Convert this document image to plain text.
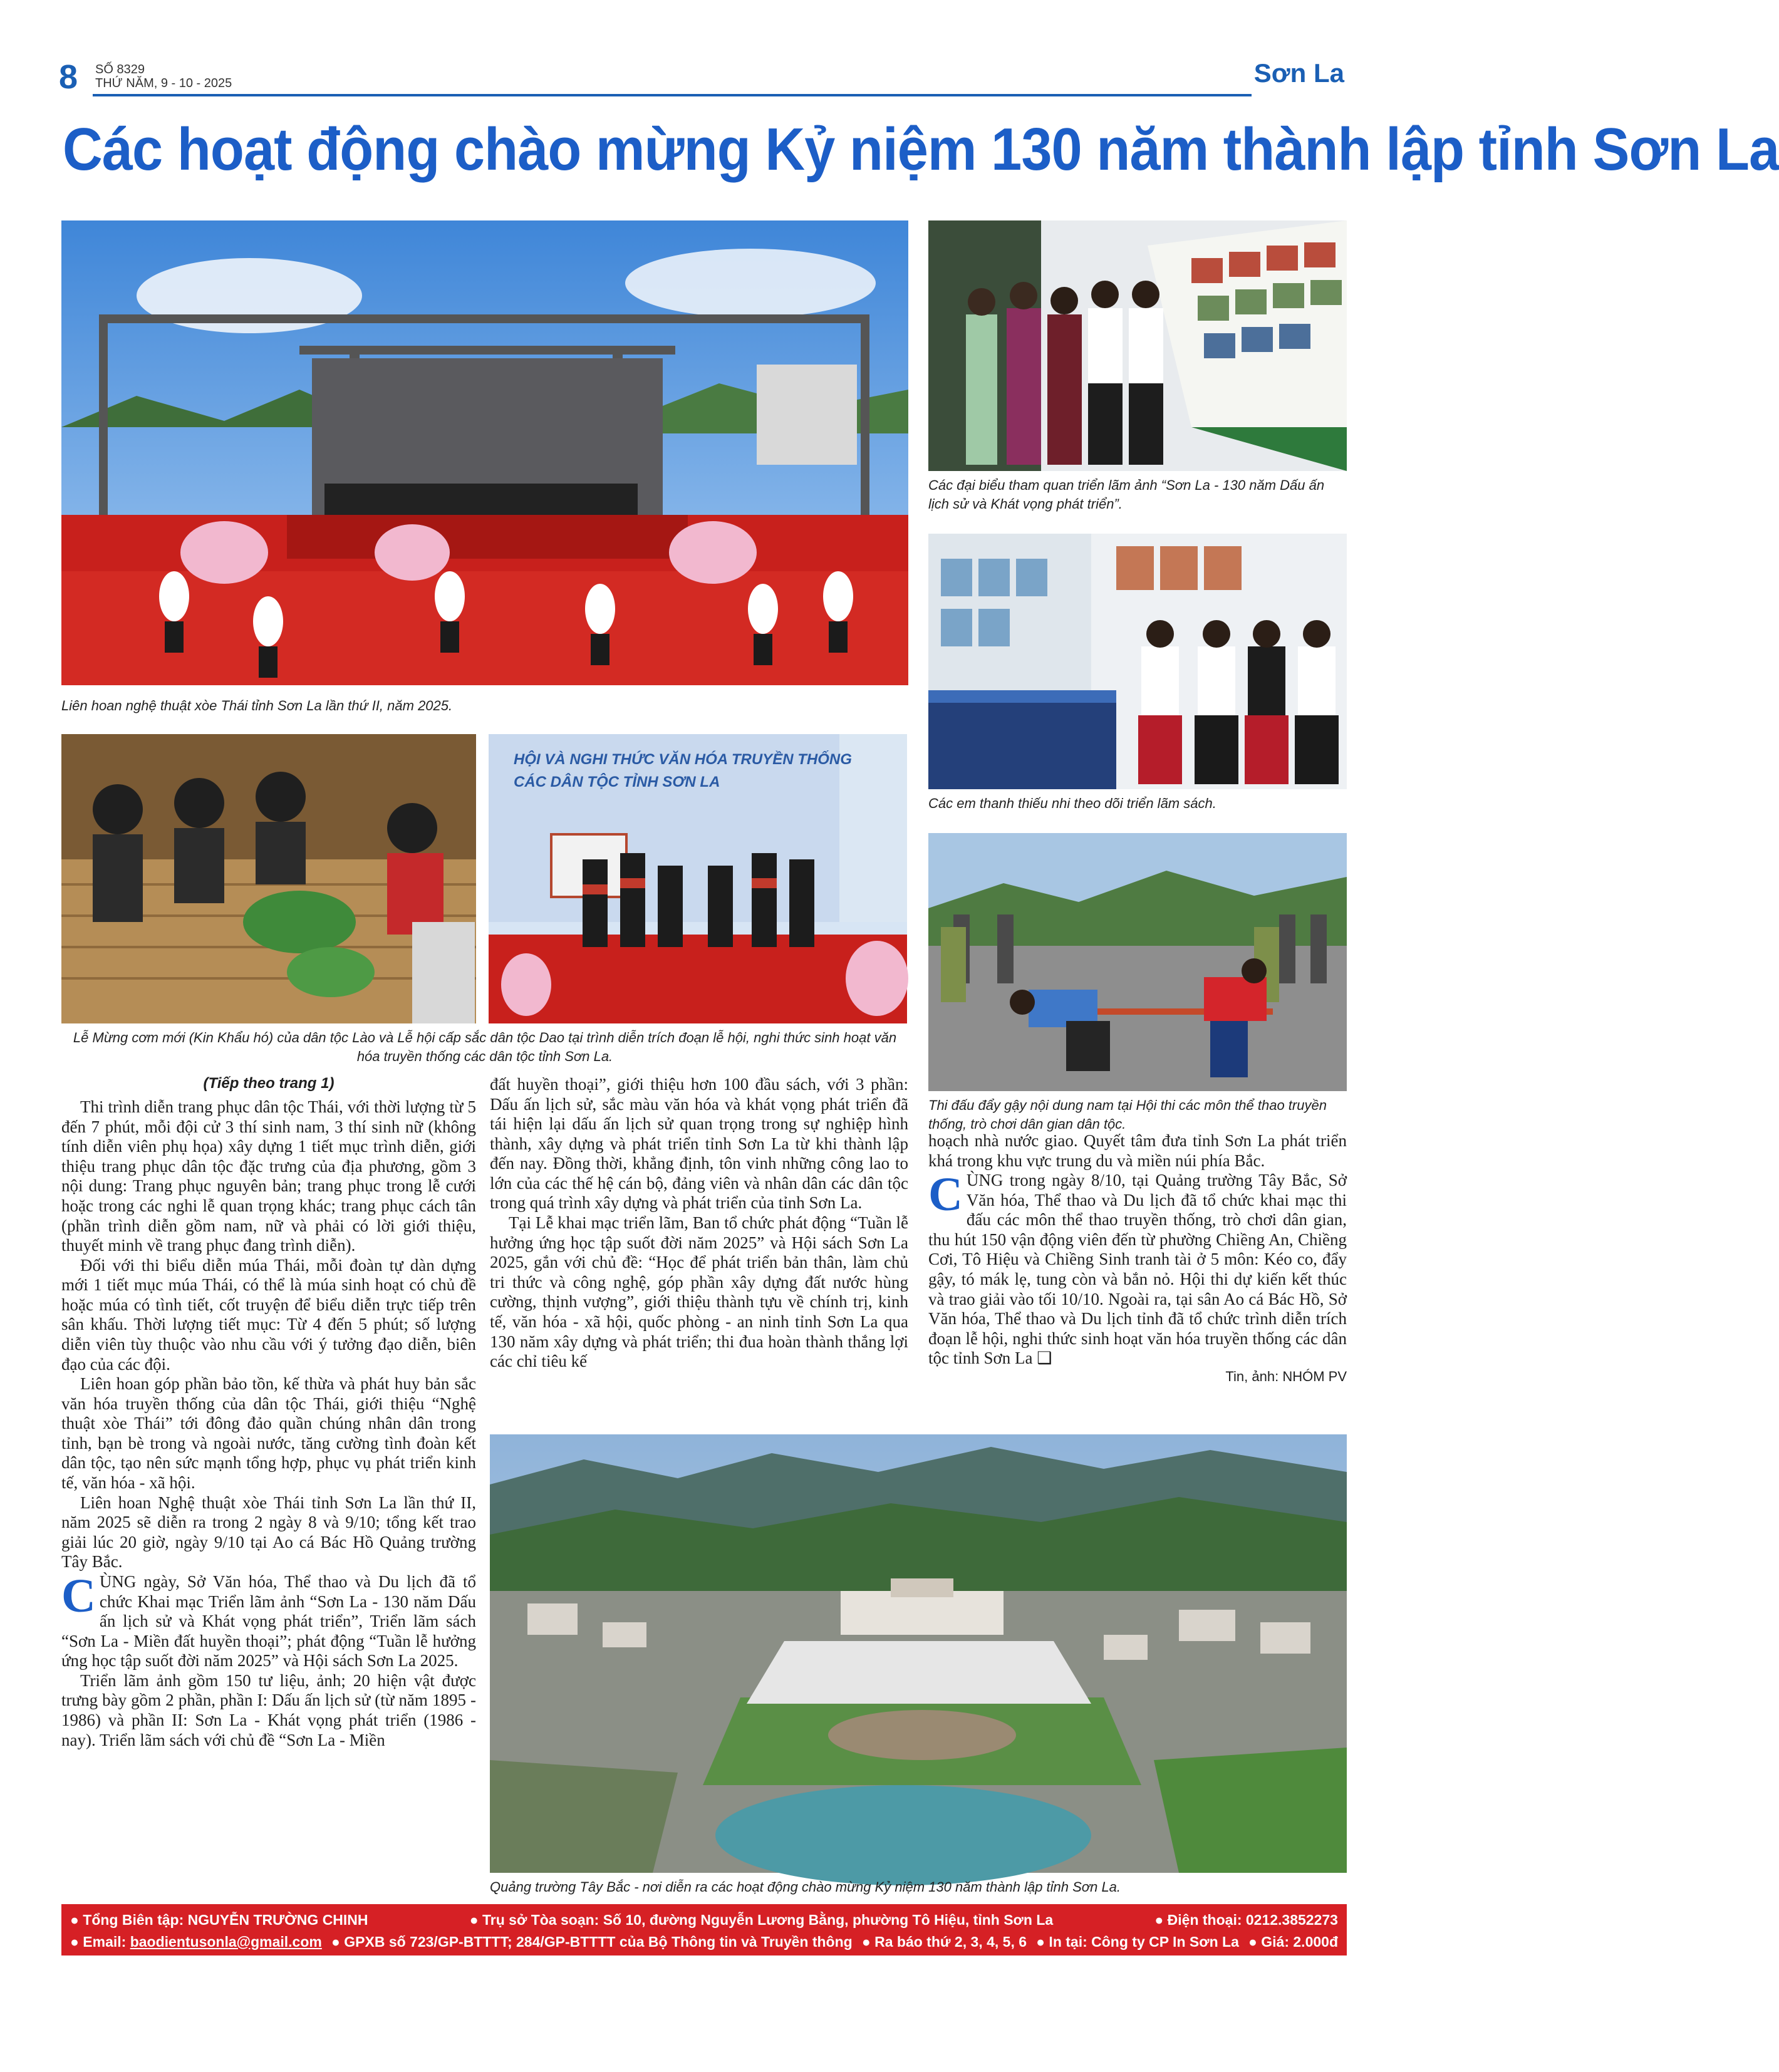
8 SỐ 8329
THỨ NĂM, 9 - 10 - 2025	Sơn La
Các hoạt động chào mừng Kỷ niệm 130 năm thành lập tỉnh Sơn La
Liên hoan nghệ thuật xòe Thái tỉnh Sơn La lần thứ II, năm 2025.
Các đại biểu tham quan triển lãm ảnh “Sơn La - 130 năm Dấu ấn lịch sử và Khát vọng phát triển”.
Các em thanh thiếu nhi theo dõi triển lãm sách.
HỘI VÀ NGHI THỨC VĂN HÓA TRUYỀN THỐNG
CÁC DÂN TỘC TỈNH SƠN LA
Lễ Mừng cơm mới (Kin Khẩu hó) của dân tộc Lào và Lễ hội cấp sắc dân tộc Dao tại trình diễn trích đoạn lễ hội, nghi thức sinh hoạt văn hóa truyền thống các dân tộc tỉnh Sơn La.
Thi đấu đẩy gậy nội dung nam tại Hội thi các môn thể thao truyền thống, trò chơi dân gian dân tộc.

(Tiếp theo trang 1)

Thi trình diễn trang phục dân tộc Thái, với thời lượng từ 5 đến 7 phút, mỗi đội cử 3 thí sinh nam, 3 thí sinh nữ (không tính diễn viên phụ họa) xây dựng 1 tiết mục trình diễn, giới thiệu trang phục dân tộc đặc trưng của địa phương, gồm 3 nội dung: Trang phục nguyên bản; trang phục trong lễ cưới hoặc trong các nghi lễ quan trọng khác; trang phục cách tân (phần trình diễn gồm nam, nữ và phải có lời giới thiệu, thuyết minh về trang phục đang trình diễn).

Đối với thi biểu diễn múa Thái, mỗi đoàn tự dàn dựng mới 1 tiết mục múa Thái, có thể là múa sinh hoạt có chủ đề hoặc múa có tình tiết, cốt truyện để biểu diễn trực tiếp trên sân khấu. Thời lượng tiết mục: Từ 4 đến 5 phút; số lượng diễn viên tùy thuộc vào nhu cầu với ý tưởng đạo diễn, biên đạo của các đội.

Liên hoan góp phần bảo tồn, kế thừa và phát huy bản sắc văn hóa truyền thống của dân tộc Thái, giới thiệu “Nghệ thuật xòe Thái” tới đông đảo quần chúng nhân dân trong tỉnh, bạn bè trong và ngoài nước, tăng cường tình đoàn kết dân tộc, tạo nên sức mạnh tổng hợp, phục vụ phát triển kinh tế, văn hóa - xã hội.

Liên hoan Nghệ thuật xòe Thái tỉnh Sơn La lần thứ II, năm 2025 sẽ diễn ra trong 2 ngày 8 và 9/10; tổng kết trao giải lúc 20 giờ, ngày 9/10 tại Ao cá Bác Hồ Quảng trường Tây Bắc.

CÙNG ngày, Sở Văn hóa, Thể thao và Du lịch đã tổ chức Khai mạc Triển lãm ảnh “Sơn La - 130 năm Dấu ấn lịch sử và Khát vọng phát triển”, Triển lãm sách “Sơn La - Miền đất huyền thoại”; phát động “Tuần lễ hưởng ứng học tập suốt đời năm 2025” và Hội sách Sơn La 2025.

Triển lãm ảnh gồm 150 tư liệu, ảnh; 20 hiện vật được trưng bày gồm 2 phần, phần I: Dấu ấn lịch sử (từ năm 1895 - 1986) và phần II: Sơn La - Khát vọng phát triển (1986 - nay). Triển lãm sách với chủ đề “Sơn La - Miền

đất huyền thoại”, giới thiệu hơn 100 đầu sách, với 3 phần: Dấu ấn lịch sử, sắc màu văn hóa và khát vọng phát triển đã tái hiện lại dấu ấn lịch sử quan trọng trong sự nghiệp hình thành, xây dựng và phát triển tỉnh Sơn La từ khi thành lập đến nay. Đồng thời, khẳng định, tôn vinh những công lao to lớn của các thế hệ cán bộ, đảng viên và nhân dân các dân tộc trong quá trình xây dựng và phát triển của tỉnh Sơn La.

Tại Lễ khai mạc triển lãm, Ban tổ chức phát động “Tuần lễ hưởng ứng học tập suốt đời năm 2025” và Hội sách Sơn La 2025, gắn với chủ đề: “Học để phát triển bản thân, làm chủ tri thức và công nghệ, góp phần xây dựng đất nước hùng cường, thịnh vượng”, giới thiệu thành tựu về chính trị, kinh tế, văn hóa - xã hội, quốc phòng - an ninh tỉnh Sơn La qua 130 năm xây dựng và phát triển; thi đua hoàn thành thắng lợi các chỉ tiêu kế

hoạch nhà nước giao. Quyết tâm đưa tỉnh Sơn La phát triển khá trong khu vực trung du và miền núi phía Bắc.

CÙNG trong ngày 8/10, tại Quảng trường Tây Bắc, Sở Văn hóa, Thể thao và Du lịch đã tổ chức khai mạc thi đấu các môn thể thao truyền thống, trò chơi dân gian, thu hút 150 vận động viên đến từ phường Chiềng An, Chiềng Cơi, Tô Hiệu và Chiềng Sinh tranh tài ở 5 môn: Kéo co, đẩy gậy, tó mák lẹ, tung còn và bắn nỏ. Hội thi dự kiến kết thúc và trao giải vào tối 10/10. Ngoài ra, tại sân Ao cá Bác Hồ, Sở Văn hóa, Thể thao và Du lịch tỉnh đã tổ chức trình diễn trích đoạn lễ hội, nghi thức sinh hoạt văn hóa truyền thống các dân tộc tỉnh Sơn La ❑

Tin, ảnh: NHÓM PV
Quảng trường Tây Bắc - nơi diễn ra các hoạt động chào mừng Kỷ niệm 130 năm thành lập tỉnh Sơn La.
● Tổng Biên tập: NGUYỄN TRƯỜNG CHINH	● Trụ sở Tòa soạn: Số 10, đường Nguyễn Lương Bằng, phường Tô Hiệu, tỉnh Sơn La	● Điện thoại: 0212.3852273
● Email: baodientusonla@gmail.com ● GPXB số 723/GP-BTTTT; 284/GP-BTTTT của Bộ Thông tin và Truyền thông ● Ra báo thứ 2, 3, 4, 5, 6 ● In tại: Công ty CP In Sơn La ● Giá: 2.000đ
